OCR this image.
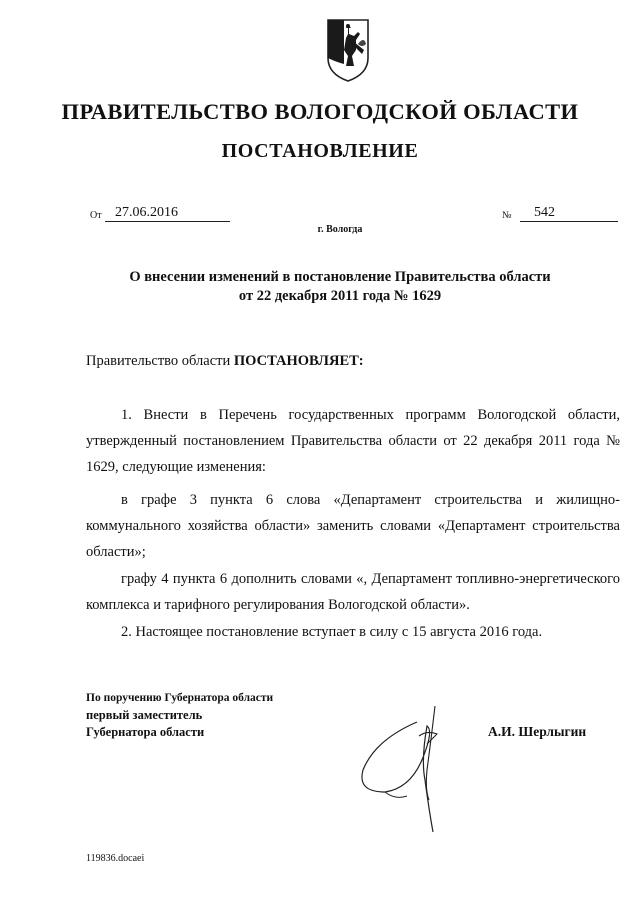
ПРАВИТЕЛЬСТВО ВОЛОГОДСКОЙ ОБЛАСТИ
ПОСТАНОВЛЕНИЕ
От 27.06.2016	№	542
г. Вологда
О внесении изменений в постановление Правительства области
от 22 декабря 2011 года № 1629
Правительство области ПОСТАНОВЛЯЕТ:
1. Внести в Перечень государственных программ Вологодской области, утвержденный постановлением Правительства области от 22 декабря 2011 года № 1629, следующие изменения:
в графе 3 пункта 6 слова «Департамент строительства и жилищно-коммунального хозяйства области» заменить словами «Департамент строительства области»;
графу 4 пункта 6 дополнить словами «, Департамент топливно-энергетического комплекса и тарифного регулирования Вологодской области».
2. Настоящее постановление вступает в силу с 15 августа 2016 года.
По поручению Губернатора области
первый заместитель
Губернатора области	А.И. Шерлыгин
119836.docaei
